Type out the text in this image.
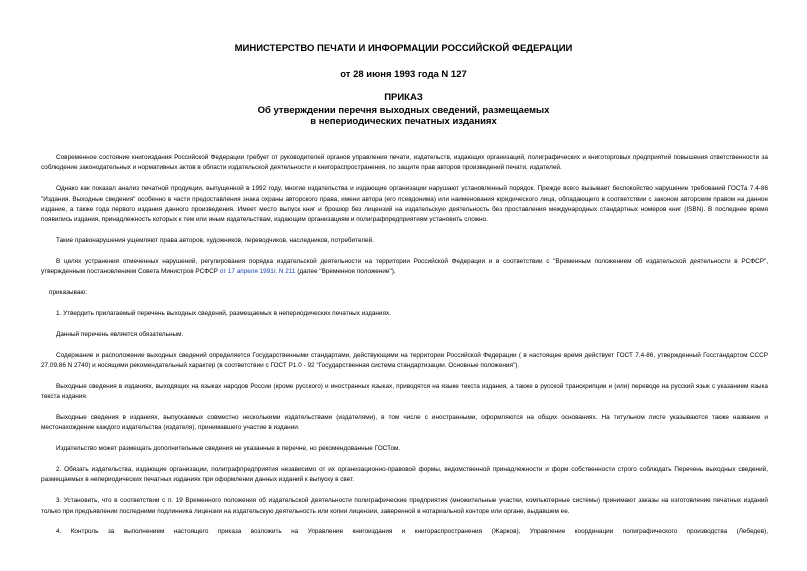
МИНИСТЕРСТВО ПЕЧАТИ И ИНФОРМАЦИИ РОССИЙСКОЙ ФЕДЕРАЦИИ
от 28 июня 1993 года N 127
ПРИКАЗ
Об утверждении перечня выходных сведений, размещаемых
в непериодических печатных изданиях

Современное состояние книгоиздания Российской Федерации требует от руководителей органов управления печати, издательств, издающих организаций, полиграфических и книготорговых предприятий повышения ответственности за соблюдение законодательных и нормативных актов в области издательской деятельности и книгораспространения, по защите прав авторов произведений печати, издателей.

Однако как показал анализ печатной продукции, выпущенной в 1992 году, многие издательства и издающие организации нарушают установленный порядок. Прежде всего вызывает беспокойство нарушение требований ГОСТа 7.4-86 "Издания. Выходные сведения" особенно в части предоставления знака охраны авторского права, имени автора (его псевдонима) или наименования юридического лица, обладающего в соответствии с законом авторским правом на данное издание, а также года первого издания данного произведения. Имеет место выпуск книг и брошюр без лицензий на издательскую деятельность без проставления международных стандартных номеров книг (ISBN). В последнее время появились издания, принадлежность которых к тем или иным издательствам, издающим организациям и полиграфпредприятиям установить сложно.

Такие правонарушения ущемляют права авторов, художников, переводчиков, наследников, потребителей.

В целях устранения отмеченных нарушений, регулирования порядка издательской деятельности на территории Российской Федерации и в соответствии с "Временным положением об издательской деятельности в РСФСР", утвержденным постановлением Совета Министров РСФСР от 17 апреля 1991г. N 211 (далее "Временное положение"),

приказываю:

1. Утвердить прилагаемый перечень выходных сведений, размещаемых в непериодических печатных изданиях.

Данный перечень является обязательным.

Содержание и расположение выходных сведений определяется Государственными стандартами, действующими на территории Российской Федерации ( в настоящее время действует ГОСТ 7.4-86, утвержденный Госстандартом СССР 27.09.86 N 2740) и носящими рекомендательный характер (в соответствии с ГОСТ Р1.0 - 92 "Государственная система стандартизации. Основные положения").

Выходные сведения в изданиях, выходящих на языках народов России (кроме русского) и иностранных языках, приводятся на языке текста издания, а также в русской транскрипции и (или) переводе на русский язык с указанием языка текста издания.

Выходные сведения в изданиях, выпускаемых совместно несколькими издательствами (издателями), в том числе с иностранными, оформляются на общих основаниях. На титульном листе указываются также название и местонахождение каждого издательства (издателя), принимавшего участие в издании.

Издательство может размещать дополнительные сведения не указанные в перечне, но рекомендованные ГОСТом.

2. Обязать издательства, издающие организации, полиграфпредприятия независимо от их организационно-правовой формы, ведомственной принадлежности и форм собственности строго соблюдать Перечень выходных сведений, размещаемых в непериодических печатных изданиях при оформлении данных изданий к выпуску в свет.

3. Установить, что в соответствии с п. 19 Временного положения об издательской деятельности полиграфические предприятия (множительные участки, компьютерные системы) принимают заказы на изготовление печатных изданий только при предъявлении последними подлинника лицензии на издательскую деятельность или копии лицензии, заверенной в нотариальной конторе или органе, выдавшем ее.

4. Контроль за выполнением настоящего приказа возложить на Управление книгоиздания и книгораспространения (Жарков), Управление координации полиграфического производства (Лебедев),
